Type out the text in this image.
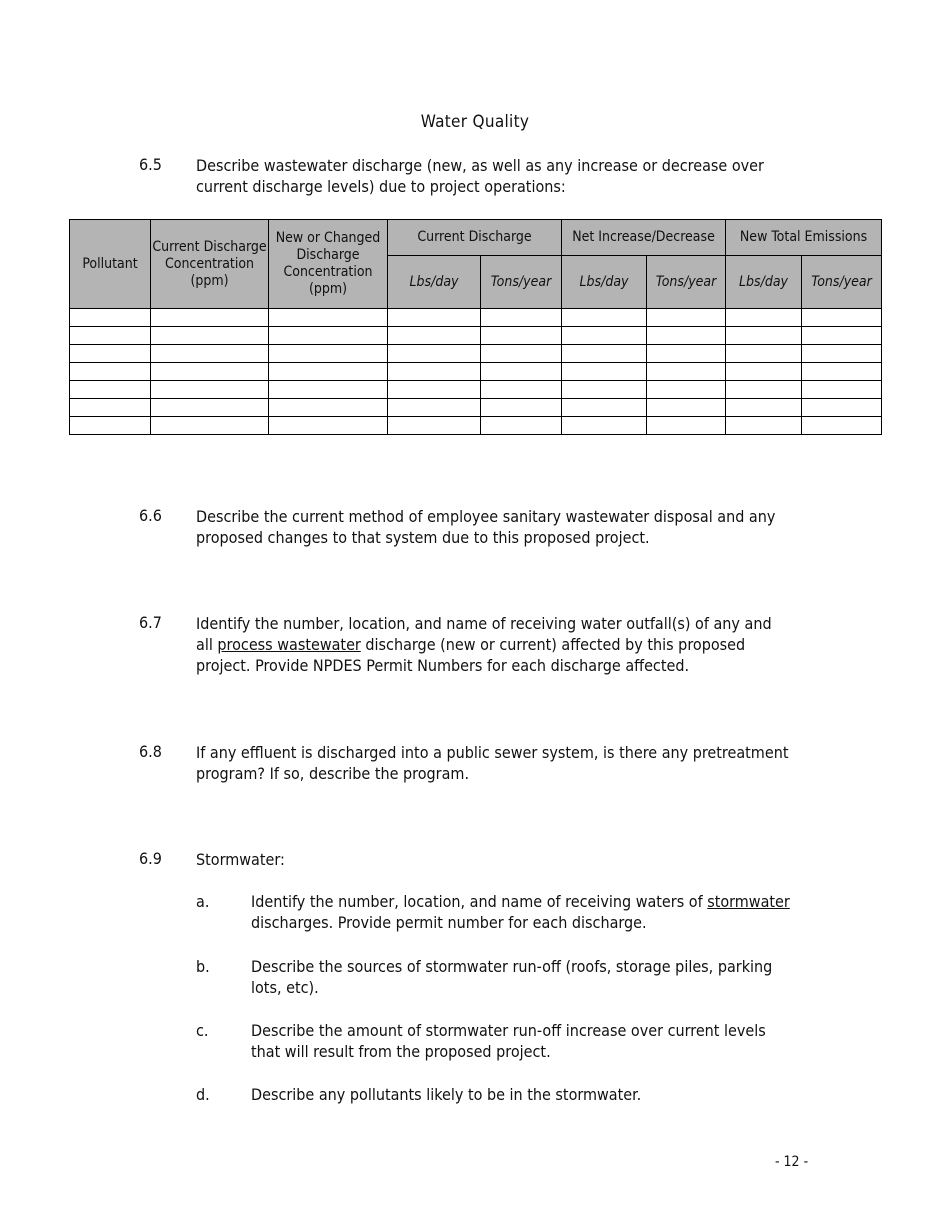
Water Quality
6.5 Describe wastewater discharge (new, as well as any increase or decrease over
current discharge levels) due to project operations:
Pollutant	Current Discharge Concentration (ppm)	New or Changed Discharge Concentration (ppm)	Current Discharge		Net Increase/Decrease		New Total Emissions	
			Lbs/day	Tons/year	Lbs/day	Tons/year	Lbs/day	Tons/year

6.6 Describe the current method of employee sanitary wastewater disposal and any
proposed changes to that system due to this proposed project.
6.7 Identify the number, location, and name of receiving water outfall(s) of any and
all process wastewater discharge (new or current) affected by this proposed
project. Provide NPDES Permit Numbers for each discharge affected.
6.8 If any effluent is discharged into a public sewer system, is there any pretreatment
program? If so, describe the program.
6.9 Stormwater:
a.	Identify the number, location, and name of receiving waters of stormwater
discharges. Provide permit number for each discharge.
b.	Describe the sources of stormwater run-off (roofs, storage piles, parking
lots, etc).
c.	Describe the amount of stormwater run-off increase over current levels
that will result from the proposed project.
d.	Describe any pollutants likely to be in the stormwater.
- 12 -
